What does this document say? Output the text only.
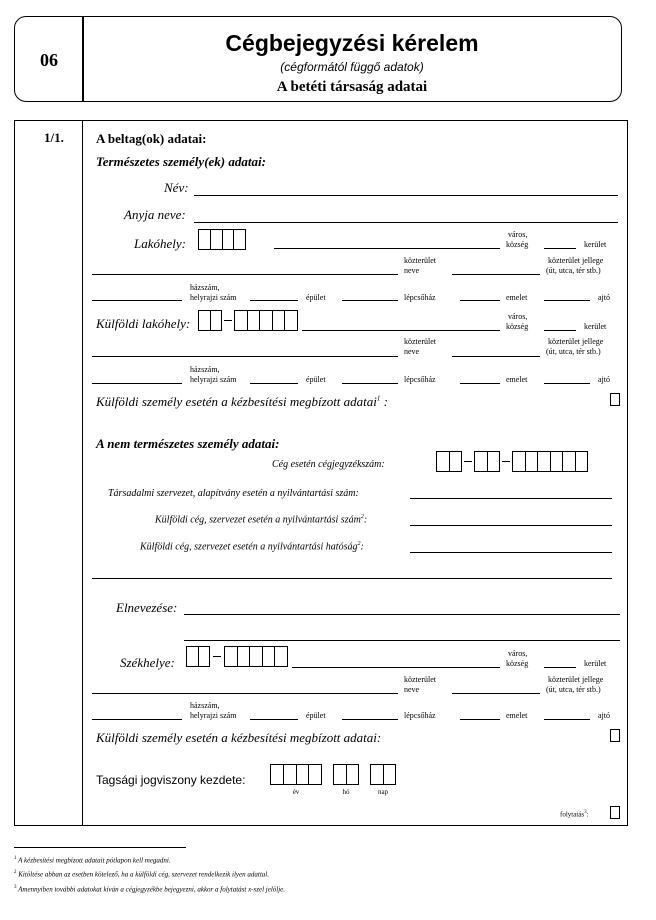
06
Cégbejegyzési kérelem
(cégformától függő adatok)
A betéti társaság adatai
1/1. A beltag(ok) adatai:
Természetes személy(ek) adatai:
Név:
Anyja neve:
Lakóhely:
város,
község	kerület
közterület
neve
közterület jellege
(út, utca, tér stb.)
házszám,
helyrajzi szám	épület	lépcsőház	emelet	ajtó
Külföldi lakóhely:	város,
község	kerület
közterület
neve
közterület jellege
(út, utca, tér stb.)
házszám,
helyrajzi szám	épület	lépcsőház	emelet	ajtó
Külföldi személy esetén a kézbesítési megbízott adatai$^1$ :
A nem természetes személy adatai:
Cég esetén cégjegyzékszám:
Társadalmi szervezet, alapítvány esetén a nyilvántartási szám:
Külföldi cég, szervezet esetén a nyilvántartási szám$^2$:
Külföldi cég, szervezet esetén a nyilvántartási hatóság$^2$:
Elnevezése:
Székhelye:
város,
község	kerület
közterület
neve
közterület jellege
(út, utca, tér stb.)
házszám,
helyrajzi szám	épület	lépcsőház	emelet	ajtó
Külföldi személy esetén a kézbesítési megbízott adatai:
Tagsági jogviszony kezdete:
év	hó	nap
folytatás$^3$:
$^1$ A kézbesítési megbízott adatait pótlapon kell megadni.
$^2$ Kitöltése abban az esetben kötelező, ha a külföldi cég, szervezet rendelkezik ilyen adattal.
$^3$ Amennyiben további adatokat kíván a cégjegyzékbe bejegyezni, akkor a folytatást x-szel jelölje.
